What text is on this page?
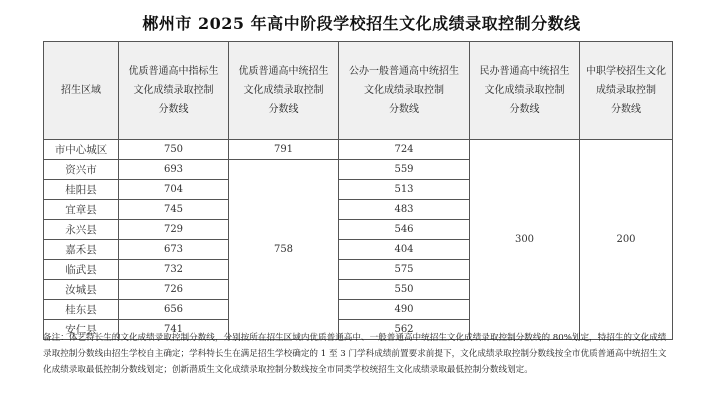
郴州市 2025 年高中阶段学校招生文化成绩录取控制分数线
招生区域	优质普通高中指标生
文化成绩录取控制
分数线	优质普通高中统招生
文化成绩录取控制
分数线	公办一般普通高中统招生
文化成绩录取控制
分数线	民办普通高中统招生
文化成绩录取控制
分数线	中职学校招生文化
成绩录取控制
分数线

市中心城区	750	791	724	300	200
资兴市	693	758	559		
桂阳县	704		513		
宜章县	745		483		
永兴县	729		546		
嘉禾县	673		404		
临武县	732		575		
汝城县	726		550		
桂东县	656		490		
安仁县	741		562		
备注：体艺特长生的文化成绩录取控制分数线，分别按所在招生区域内优质普通高中、一般普通高中统招生文化成绩录取控制分数线的 80%划定，特招生的文化成绩录取控制分数线由招生学校自主确定；学科特长生在满足招生学校确定的 1 至 3 门学科成绩前置要求前提下，文化成绩录取控制分数线按全市优质普通高中统招生文化成绩录取最低控制分数线划定；创新潜质生文化成绩录取控制分数线按全市同类学校统招生文化成绩录取最低控制分数线划定。
